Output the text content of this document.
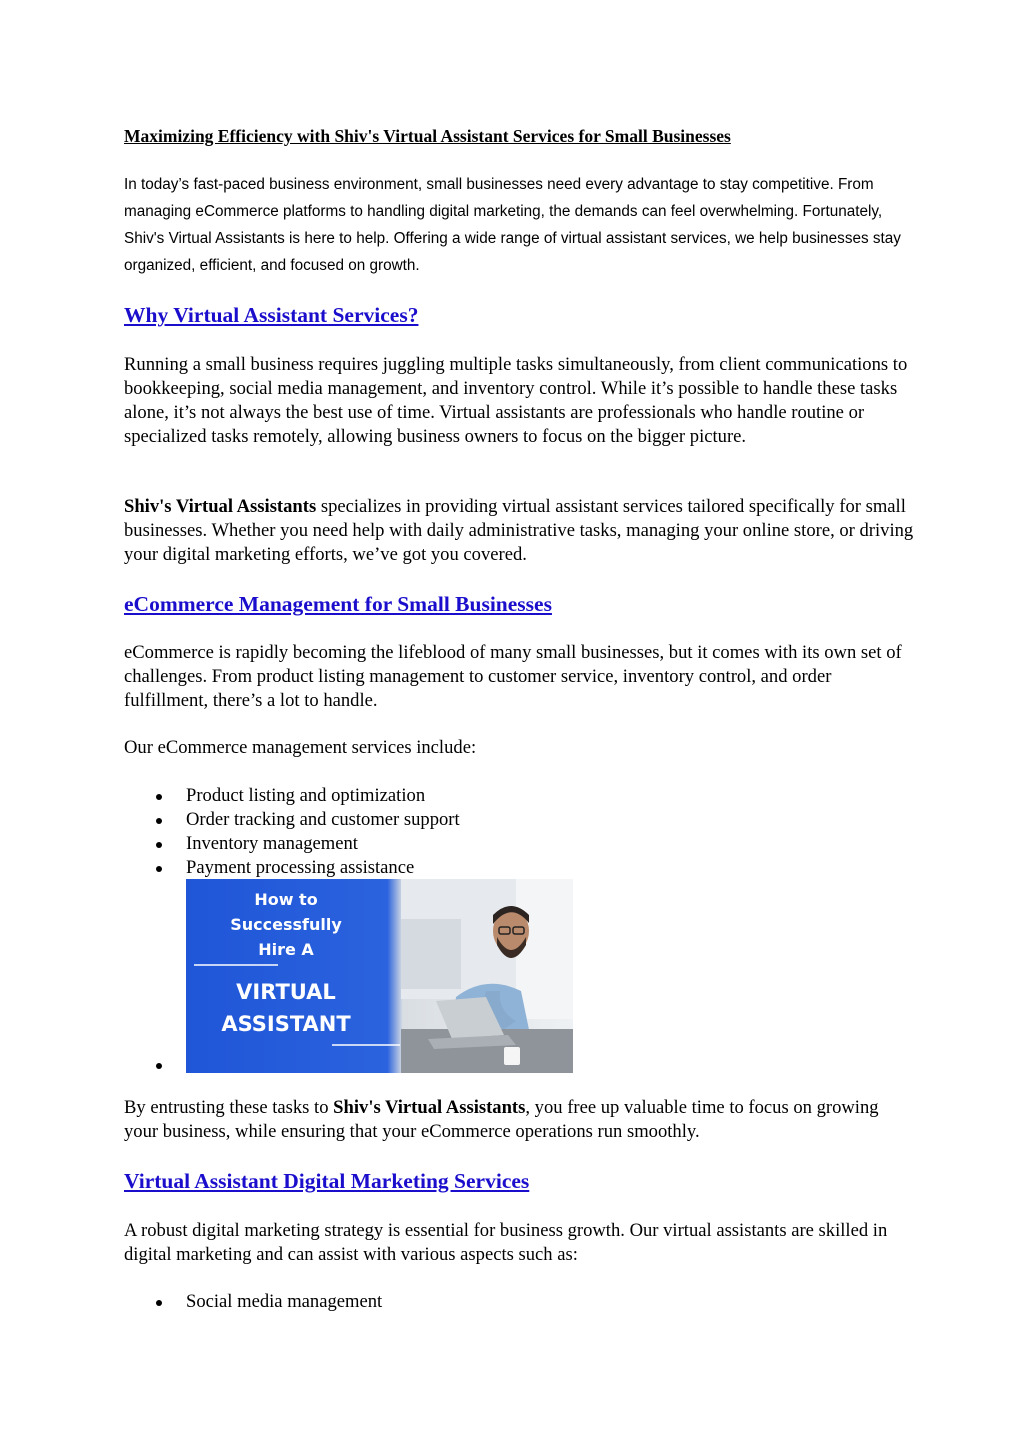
Maximizing Efficiency with Shiv's Virtual Assistant Services for Small Businesses

In today’s fast-paced business environment, small businesses need every advantage to stay competitive. From managing eCommerce platforms to handling digital marketing, the demands can feel overwhelming. Fortunately, Shiv's Virtual Assistants is here to help. Offering a wide range of virtual assistant services, we help businesses stay organized, efficient, and focused on growth.

Why Virtual Assistant Services?

Running a small business requires juggling multiple tasks simultaneously, from client communications to bookkeeping, social media management, and inventory control. While it’s possible to handle these tasks alone, it’s not always the best use of time. Virtual assistants are professionals who handle routine or specialized tasks remotely, allowing business owners to focus on the bigger picture.

Shiv's Virtual Assistants specializes in providing virtual assistant services tailored specifically for small businesses. Whether you need help with daily administrative tasks, managing your online store, or driving your digital marketing efforts, we’ve got you covered.

eCommerce Management for Small Businesses

eCommerce is rapidly becoming the lifeblood of many small businesses, but it comes with its own set of challenges. From product listing management to customer service, inventory control, and order fulfillment, there’s a lot to handle.

Our eCommerce management services include:

Product listing and optimization
Order tracking and customer support
Inventory management
Payment processing assistance
How to
Successfully
Hire A
VIRTUAL
ASSISTANT

By entrusting these tasks to Shiv's Virtual Assistants, you free up valuable time to focus on growing your business, while ensuring that your eCommerce operations run smoothly.

Virtual Assistant Digital Marketing Services

A robust digital marketing strategy is essential for business growth. Our virtual assistants are skilled in digital marketing and can assist with various aspects such as:

Social media management
